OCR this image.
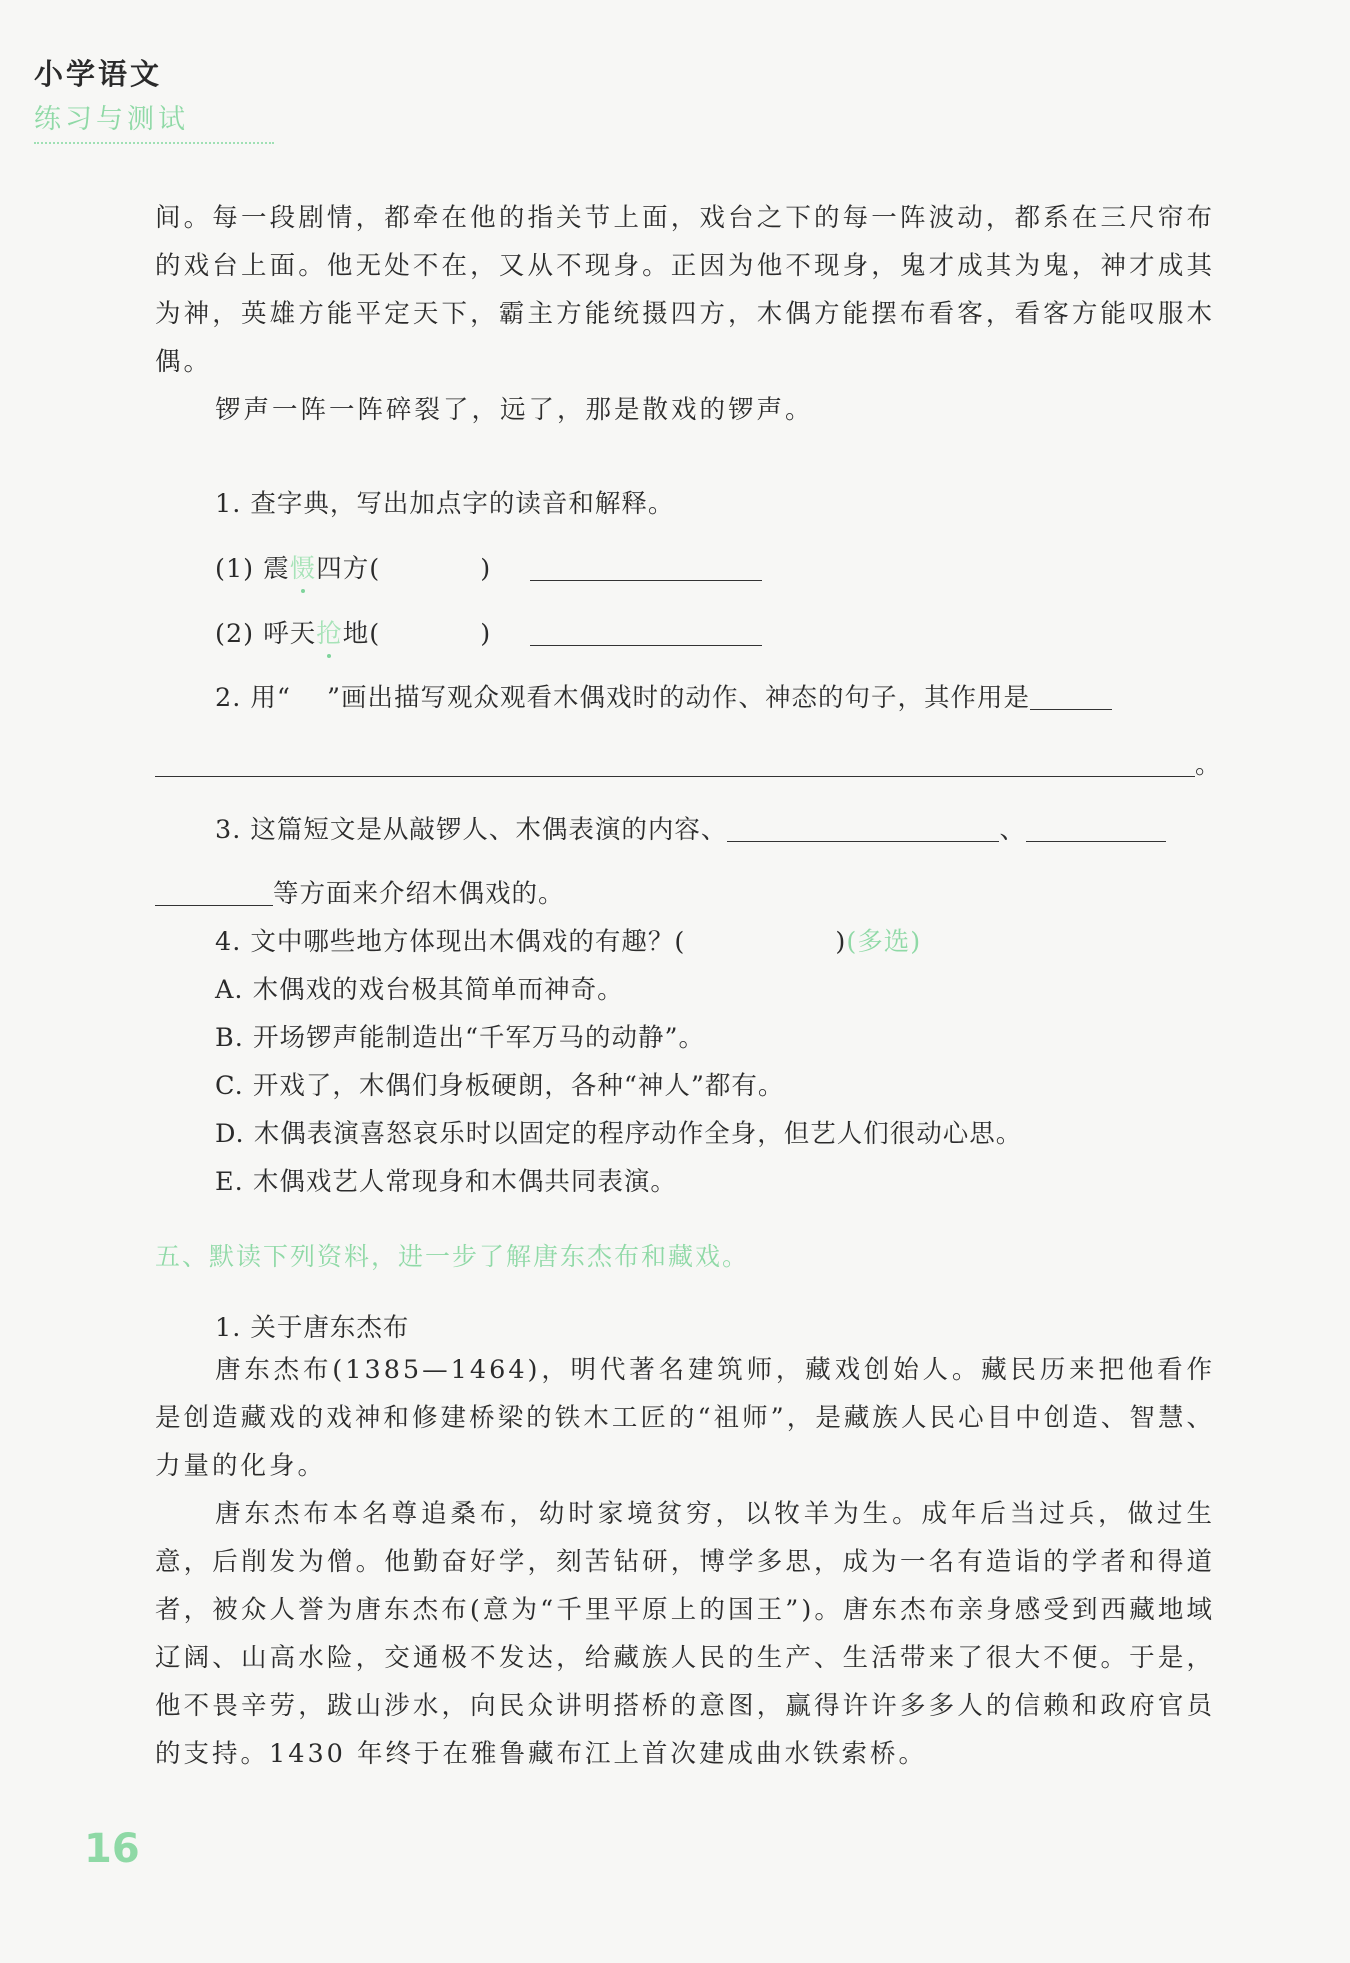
小学语文
练习与测试

间。每一段剧情，都牵在他的指关节上面，戏台之下的每一阵波动，都系在三尺帘布的戏台上面。他无处不在，又从不现身。正因为他不现身，鬼才成其为鬼，神才成其为神，英雄方能平定天下，霸主方能统摄四方，木偶方能摆布看客，看客方能叹服木偶。

锣声一阵一阵碎裂了，远了，那是散戏的锣声。

1. 查字典，写出加点字的读音和解释。
(1) 震慑四方(	)
(2) 呼天抢地(	)
2. 用“ ”画出描写观众观看木偶戏时的动作、神态的句子，其作用是
。
3. 这篇短文是从敲锣人、木偶表演的内容、	、
等方面来介绍木偶戏的。
4. 文中哪些地方体现出木偶戏的有趣？(	)(多选)
A. 木偶戏的戏台极其简单而神奇。
B. 开场锣声能制造出“千军万马的动静”。
C. 开戏了，木偶们身板硬朗，各种“神人”都有。
D. 木偶表演喜怒哀乐时以固定的程序动作全身，但艺人们很动心思。
E. 木偶戏艺人常现身和木偶共同表演。
五、默读下列资料，进一步了解唐东杰布和藏戏。
1. 关于唐东杰布

唐东杰布(1385—1464)，明代著名建筑师，藏戏创始人。藏民历来把他看作是创造藏戏的戏神和修建桥梁的铁木工匠的“祖师”，是藏族人民心目中创造、智慧、力量的化身。

唐东杰布本名尊追桑布，幼时家境贫穷，以牧羊为生。成年后当过兵，做过生意，后削发为僧。他勤奋好学，刻苦钻研，博学多思，成为一名有造诣的学者和得道者，被众人誉为唐东杰布(意为“千里平原上的国王”)。唐东杰布亲身感受到西藏地域辽阔、山高水险，交通极不发达，给藏族人民的生产、生活带来了很大不便。于是，他不畏辛劳，跋山涉水，向民众讲明搭桥的意图，赢得许许多多人的信赖和政府官员的支持。1430 年终于在雅鲁藏布江上首次建成曲水铁索桥。

16
